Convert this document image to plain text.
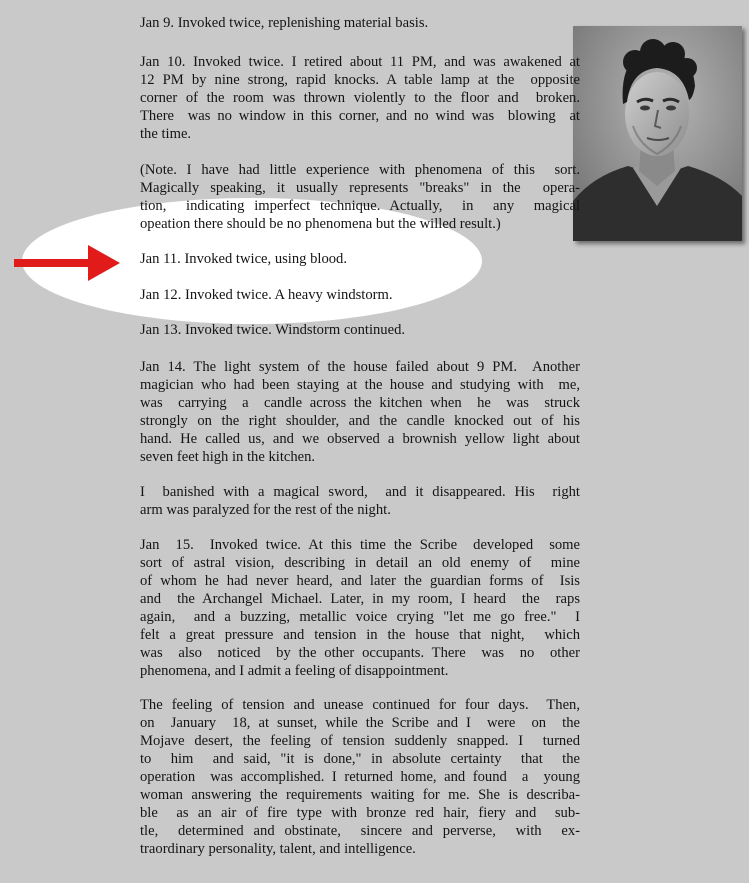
Jan 9. Invoked twice, replenishing material basis.
Jan 10. Invoked twice. I retired about 11 PM, and was awakened at
12 PM by nine strong, rapid knocks. A table lamp at the  opposite
corner of the room was thrown violently to the floor and  broken.
There  was no window in this corner, and no wind was  blowing  at
the time.
(Note. I have had little experience with phenomena of this  sort.
Magically speaking, it usually represents "breaks" in the  opera-
tion,  indicating imperfect technique. Actually,  in  any  magical
opeation there should be no phenomena but the willed result.)
Jan 11. Invoked twice, using blood.
Jan 12. Invoked twice. A heavy windstorm.
Jan 13. Invoked twice. Windstorm continued.
Jan 14. The light system of the house failed about 9 PM.  Another
magician who had been staying at the house and studying with  me,
was  carrying  a  candle across the kitchen when  he  was  struck
strongly on the right shoulder, and the candle knocked out of his
hand. He called us, and we observed a brownish yellow light about
seven feet high in the kitchen.
I  banished with a magical sword,  and it disappeared. His  right
arm was paralyzed for the rest of the night.
Jan  15.  Invoked twice. At this time the Scribe  developed  some
sort of astral vision, describing in detail an old enemy of  mine
of whom he had never heard, and later the guardian forms of  Isis
and  the Archangel Michael. Later, in my room, I heard  the  raps
again,  and a buzzing, metallic voice crying "let me go free."  I
felt a great pressure and tension in the house that night,  which
was  also  noticed  by the other occupants. There  was  no  other
phenomena, and I admit a feeling of disappointment.
The feeling of tension and unease continued for four days.  Then,
on  January  18, at sunset, while the Scribe and I  were  on  the
Mojave desert, the feeling of tension suddenly snapped. I  turned
to  him  and said, "it is done," in absolute certainty  that  the
operation  was accomplished. I returned home, and found  a  young
woman answering the requirements waiting for me. She is describa-
ble  as an air of fire type with bronze red hair, fiery and  sub-
tle,  determined and obstinate,  sincere and perverse,  with  ex-
traordinary personality, talent, and intelligence.
